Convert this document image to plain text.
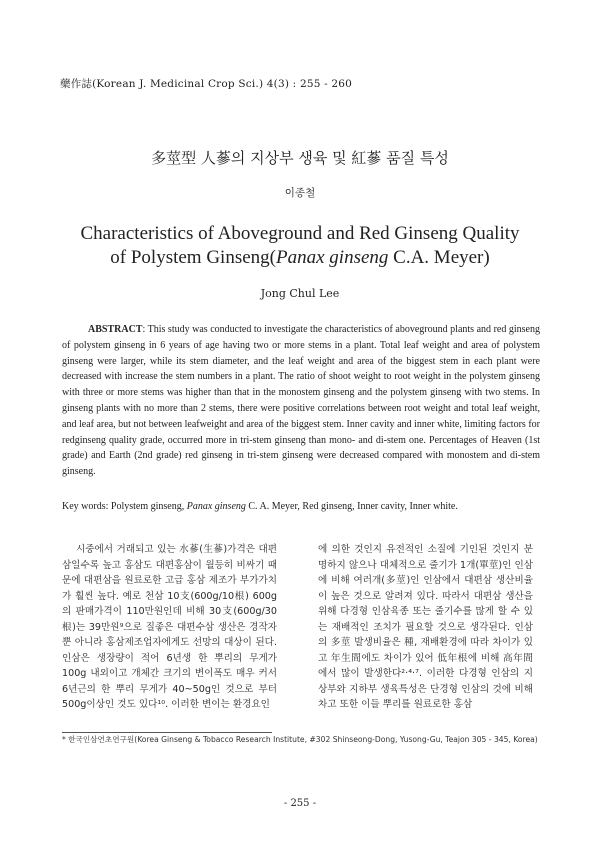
藥作誌(Korean J. Medicinal Crop Sci.) 4(3) : 255 - 260
多莖型 人蔘의 지상부 생육 및 紅蔘 품질 특성
이종철
Characteristics of Aboveground and Red Ginseng Quality
of Polystem Ginseng(Panax ginseng C.A. Meyer)
Jong Chul Lee
ABSTRACT: This study was conducted to investigate the characteristics of aboveground plants and red ginseng of polystem ginseng in 6 years of age having two or more stems in a plant. Total leaf weight and area of polystem ginseng were larger, while its stem diameter, and the leaf weight and area of the biggest stem in each plant were decreased with increase the stem numbers in a plant. The ratio of shoot weight to root weight in the polystem ginseng with three or more stems was higher than that in the monostem ginseng and the polystem ginseng with two stems. In ginseng plants with no more than 2 stems, there were positive correlations between root weight and total leaf weight, and leaf area, but not between leafweight and area of the biggest stem. Inner cavity and inner white, limiting factors for redginseng quality grade, occurred more in tri-stem ginseng than mono- and di-stem one. Percentages of Heaven (1st grade) and Earth (2nd grade) red ginseng in tri-stem ginseng were decreased compared with monostem and di-stem ginseng.
Key words: Polystem ginseng, Panax ginseng C. A. Meyer, Red ginseng, Inner cavity, Inner white.

시중에서 거래되고 있는 水蔘(生蔘)가격은 대편삼일수록 높고 홍삼도 대편홍삼이 월등히 비싸기 때문에 대편삼을 원료로한 고급 홍삼 제조가 부가가치가 훨씬 높다. 예로 천삼 10支(600g/10根) 600g의 판매가격이 110만원인데 비해 30支(600g/30根)는 39만원⁹으로 질좋은 대편수삼 생산은 경작자뿐 아니라 홍삼제조업자에게도 선망의 대상이 된다. 인삼은 생장량이 적어 6년생 한 뿌리의 무게가 100g 내외이고 개체간 크기의 변이폭도 매우 커서 6년근의 한 뿌리 무게가 40~50g인 것으로 부터 500g이상인 것도 있다¹⁰. 이러한 변이는 환경요인

에 의한 것인지 유전적인 소질에 기인된 것인지 분명하지 않으나 대체적으로 줄기가 1개(單莖)인 인삼에 비해 여러개(多莖)인 인삼에서 대편삼 생산비율이 높은 것으로 알려져 있다. 따라서 대편삼 생산을 위해 다경형 인삼육종 또는 줄기수를 많게 할 수 있는 재배적인 조치가 필요할 것으로 생각된다. 인삼의 多莖 발생비율은 種, 재배환경에 따라 차이가 있고 年生間에도 차이가 있어 低年根에 비해 高年間에서 많이 발생한다²·⁴·⁷. 이러한 다경형 인삼의 지상부와 지하부 생육특성은 단경형 인삼의 것에 비해 차고 또한 이들 뿌리를 원료로한 홍삼

* 한국인삼연초연구원(Korea Ginseng & Tobacco Research Institute, #302 Shinseong-Dong, Yusong-Gu, Teajon 305 - 345, Korea)
- 255 -
